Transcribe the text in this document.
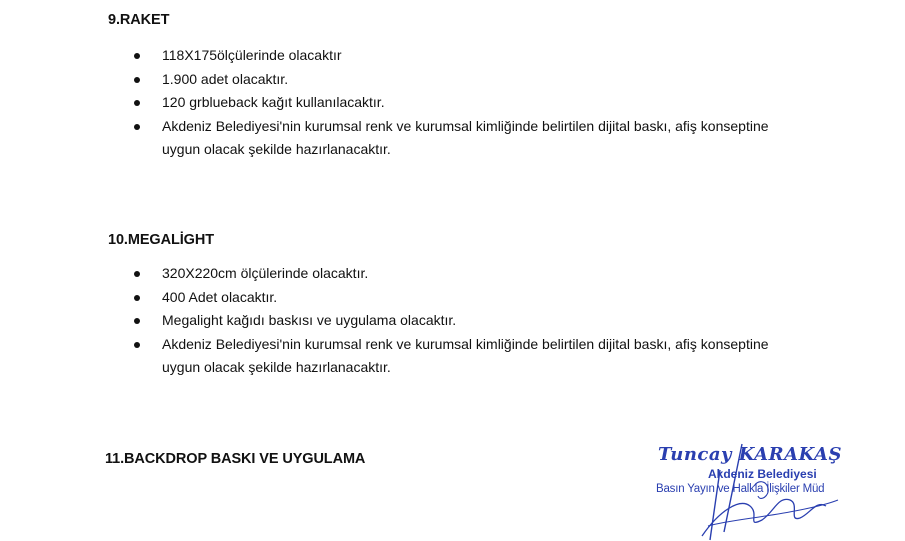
9.RAKET
118X175ölçülerinde olacaktır
1.900 adet olacaktır.
120 grblueback kağıt kullanılacaktır.
Akdeniz Belediyesi'nin kurumsal renk ve kurumsal kimliğinde belirtilen dijital baskı, afiş konseptine uygun olacak şekilde hazırlanacaktır.
10.MEGALİGHT
320X220cm ölçülerinde olacaktır.
400 Adet olacaktır.
Megalight kağıdı baskısı ve uygulama olacaktır.
Akdeniz Belediyesi'nin kurumsal renk ve kurumsal kimliğinde belirtilen dijital baskı, afiş konseptine uygun olacak şekilde hazırlanacaktır.
11.BACKDROP BASKI VE UYGULAMA	Tuncay KARAKAŞ
Akdeniz Belediyesi
Basın Yayın ve Halkla İlişkiler Müd
